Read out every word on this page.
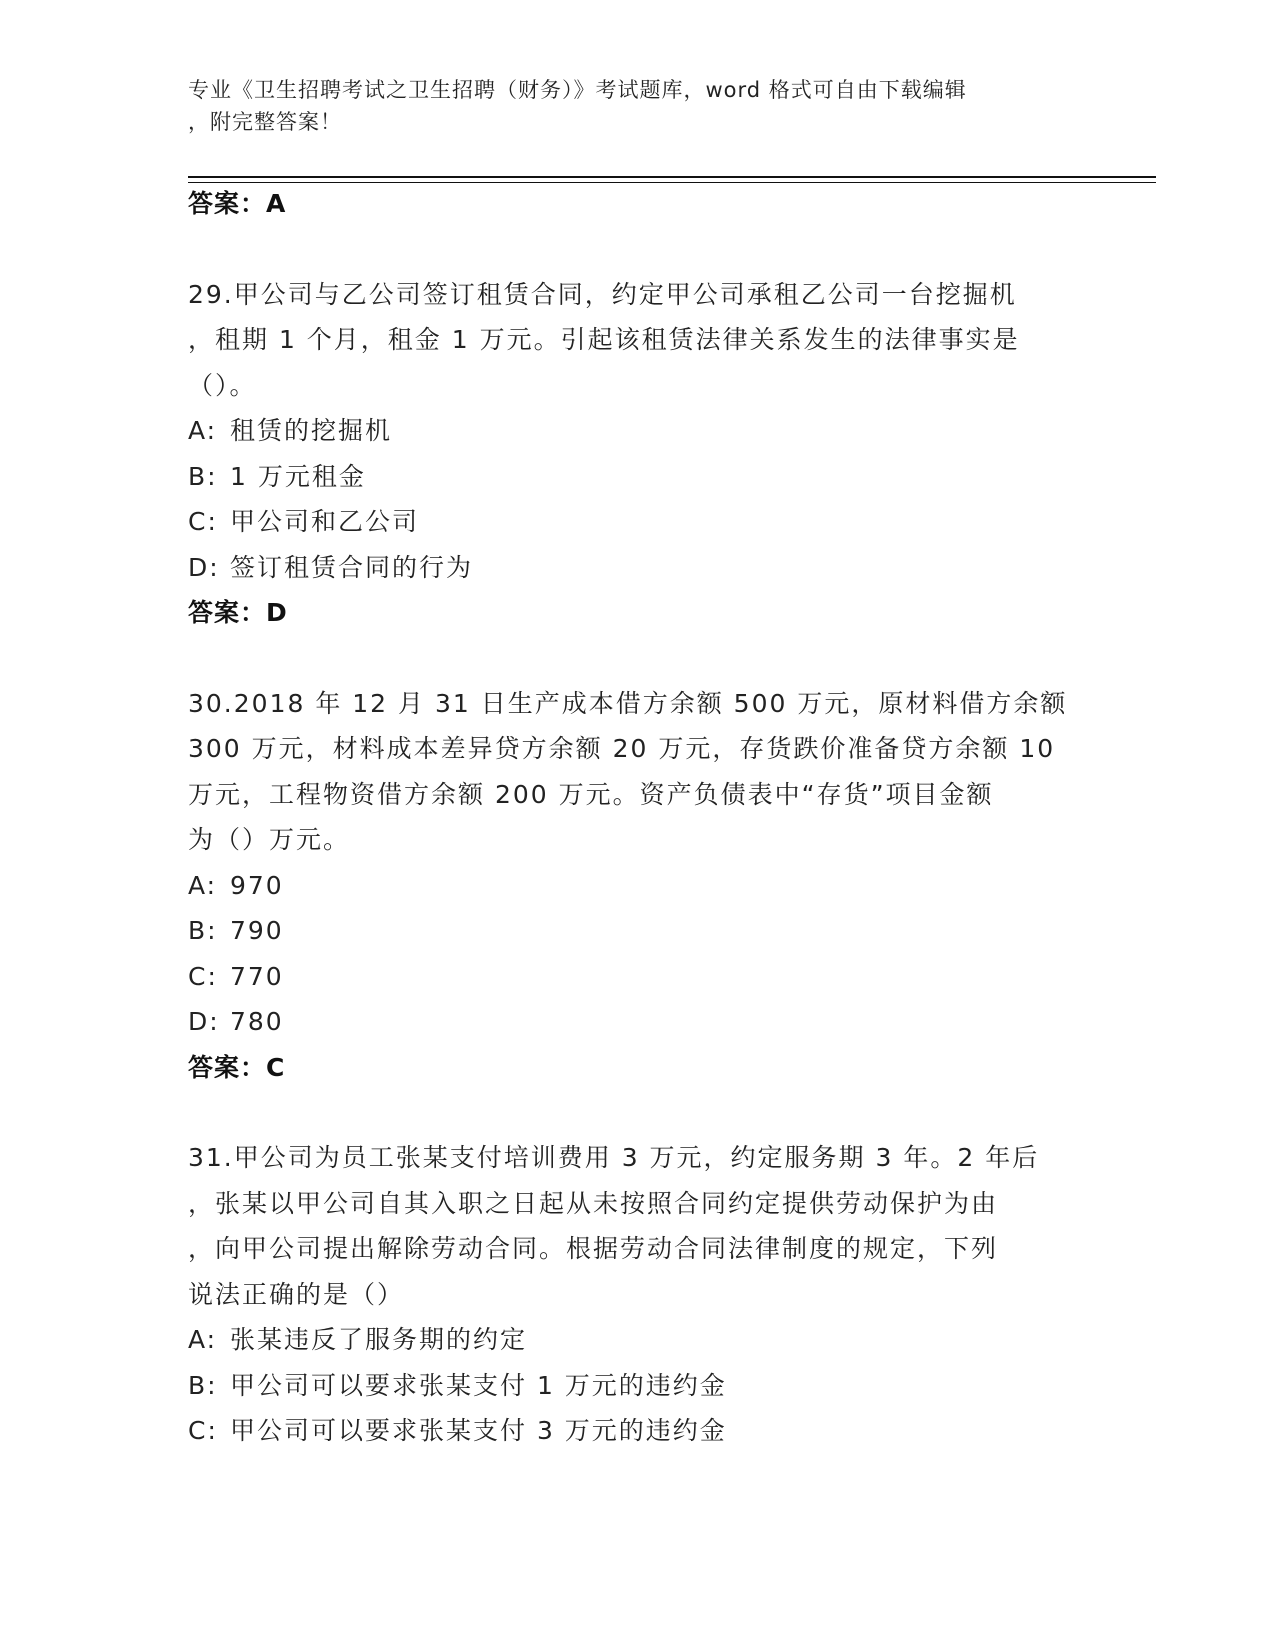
专业《卫生招聘考试之卫生招聘（财务）》考试题库，word 格式可自由下载编辑
，附完整答案！
答案：A
29.甲公司与乙公司签订租赁合同，约定甲公司承租乙公司一台挖掘机
，租期 1 个月，租金 1 万元。引起该租赁法律关系发生的法律事实是
（）。
A: 租赁的挖掘机
B: 1 万元租金
C: 甲公司和乙公司
D: 签订租赁合同的行为
答案：D
30.2018 年 12 月 31 日生产成本借方余额 500 万元，原材料借方余额
300 万元，材料成本差异贷方余额 20 万元，存货跌价准备贷方余额 10
万元，工程物资借方余额 200 万元。资产负债表中“存货”项目金额
为（）万元。
A: 970
B: 790
C: 770
D: 780
答案：C
31.甲公司为员工张某支付培训费用 3 万元，约定服务期 3 年。2 年后
，张某以甲公司自其入职之日起从未按照合同约定提供劳动保护为由
，向甲公司提出解除劳动合同。根据劳动合同法律制度的规定，下列
说法正确的是（）
A: 张某违反了服务期的约定
B: 甲公司可以要求张某支付 1 万元的违约金
C: 甲公司可以要求张某支付 3 万元的违约金
